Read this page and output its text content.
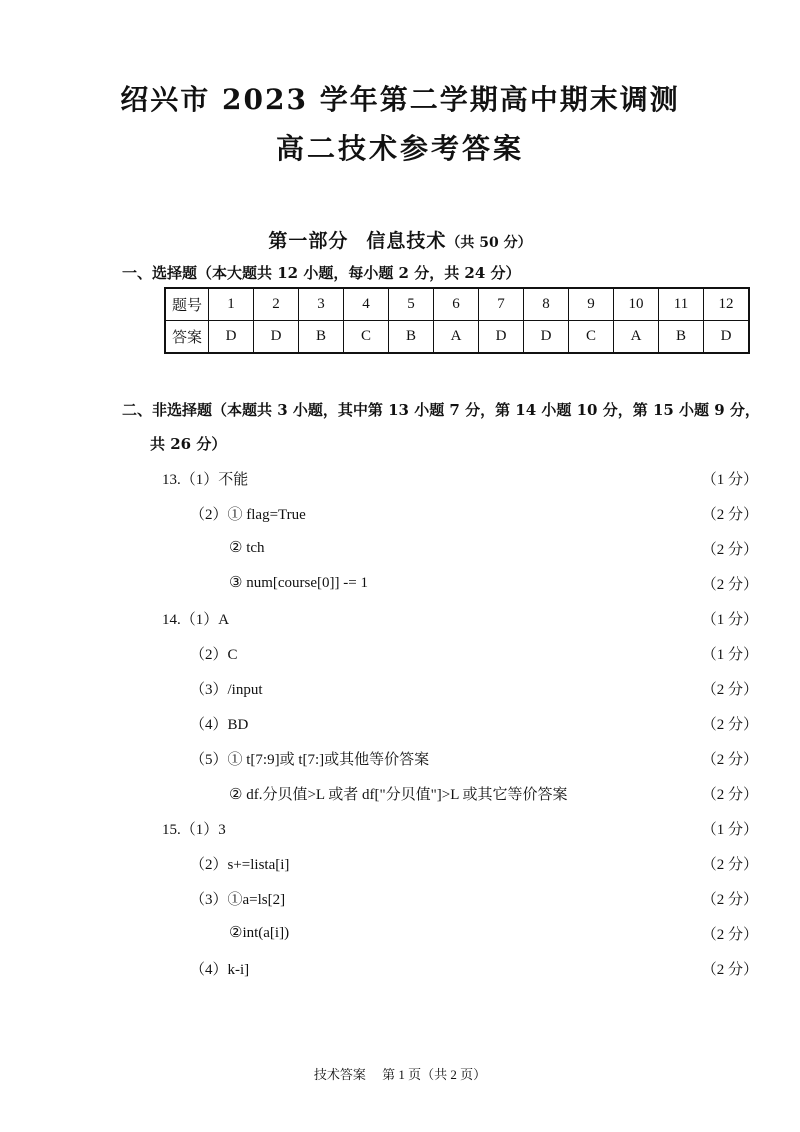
绍兴市 2023 学年第二学期高中期末调测
高二技术参考答案
第一部分 信息技术（共 50 分）
一、选择题（本大题共 12 小题，每小题 2 分，共 24 分）
题号	1	2	3	4	5	6	7	8	9	10	11	12
答案	D	D	B	C	B	A	D	D	C	A	B	D
二、非选择题（本题共 3 小题，其中第 13 小题 7 分，第 14 小题 10 分，第 15 小题 9 分，
共 26 分）
13.（1）不能	（1 分）
（2）① flag=True	（2 分）
② tch	（2 分）
③ num[course[0]] -= 1	（2 分）
14.（1）A	（1 分）
（2）C	（1 分）
（3）/input	（2 分）
（4）BD	（2 分）
（5）① t[7:9]或 t[7:]或其他等价答案	（2 分）
② df.分贝值>L 或者 df["分贝值"]>L 或其它等价答案	（2 分）
15.（1）3	（1 分）
（2）s+=lista[i]	（2 分）
（3）①a=ls[2]	（2 分）
②int(a[i])	（2 分）
（4）k-i]	（2 分）
技术答案     第 1 页（共 2 页）
